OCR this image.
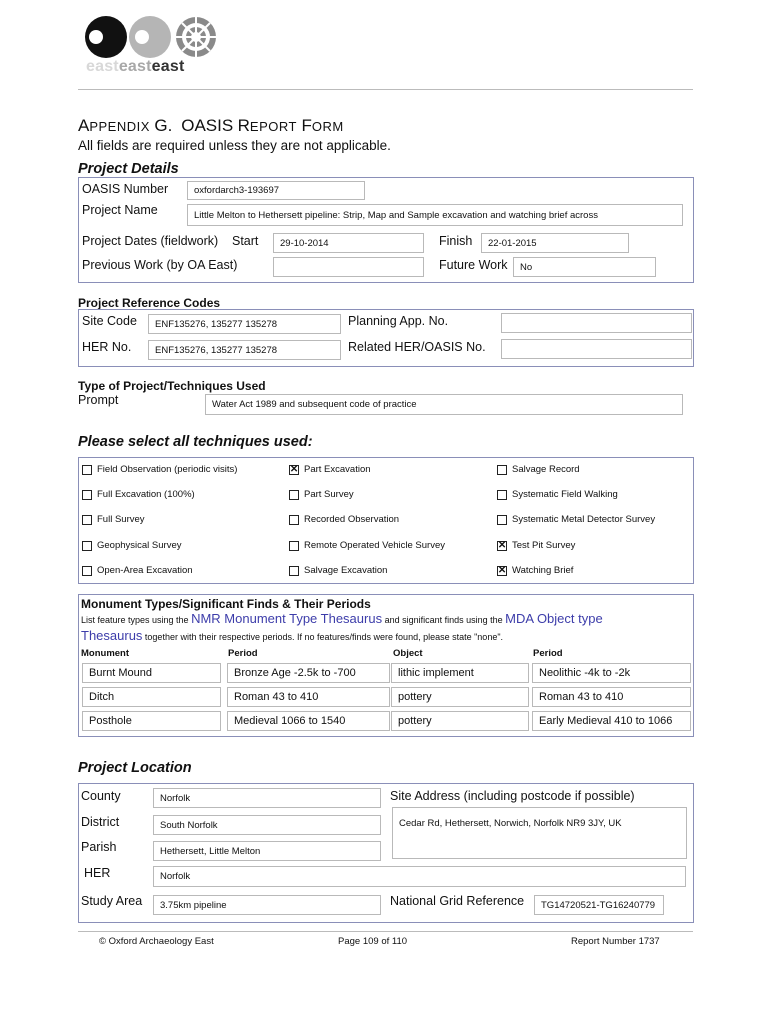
easteasteast
APPENDIX G. OASIS REPORT FORM
All fields are required unless they are not applicable.
Project Details
OASIS Number	oxfordarch3-193697
Project Name	Little Melton to Hethersett pipeline: Strip, Map and Sample excavation and watching brief across
Project Dates (fieldwork) Start	29-10-2014	Finish	22-01-2015
Previous Work (by OA East)	Future Work	No
Project Reference Codes
Site Code	ENF135276, 135277 135278	Planning App. No.
HER No.	ENF135276, 135277 135278	Related HER/OASIS No.
Type of Project/Techniques Used
Prompt	Water Act 1989 and subsequent code of practice
Please select all techniques used:
Field Observation (periodic visits)	✕ Part Excavation	Salvage Record
Full Excavation (100%)	Part Survey	Systematic Field Walking
Full Survey	Recorded Observation	Systematic Metal Detector Survey
Geophysical Survey	Remote Operated Vehicle Survey	✕ Test Pit Survey
Open-Area Excavation	Salvage Excavation	✕ Watching Brief
Monument Types/Significant Finds & Their Periods
List feature types using the NMR Monument Type Thesaurus and significant finds using the MDA Object type
Thesaurus together with their respective periods. If no features/finds were found, please state "none".
Monument	Period	Object	Period
Burnt Mound	Bronze Age -2.5k to -700	lithic implement	Neolithic -4k to -2k
Ditch	Roman 43 to 410	pottery	Roman 43 to 410
Posthole	Medieval 1066 to 1540	pottery	Early Medieval 410 to 1066
Project Location
County	Norfolk	Site Address (including postcode if possible)
Cedar Rd, Hethersett, Norwich, Norfolk NR9 3JY, UK
District	South Norfolk
Parish	Hethersett, Little Melton
HER	Norfolk
Study Area	3.75km pipeline	National Grid Reference	TG14720521-TG16240779
© Oxford Archaeology East	Page 109 of 110	Report Number 1737
